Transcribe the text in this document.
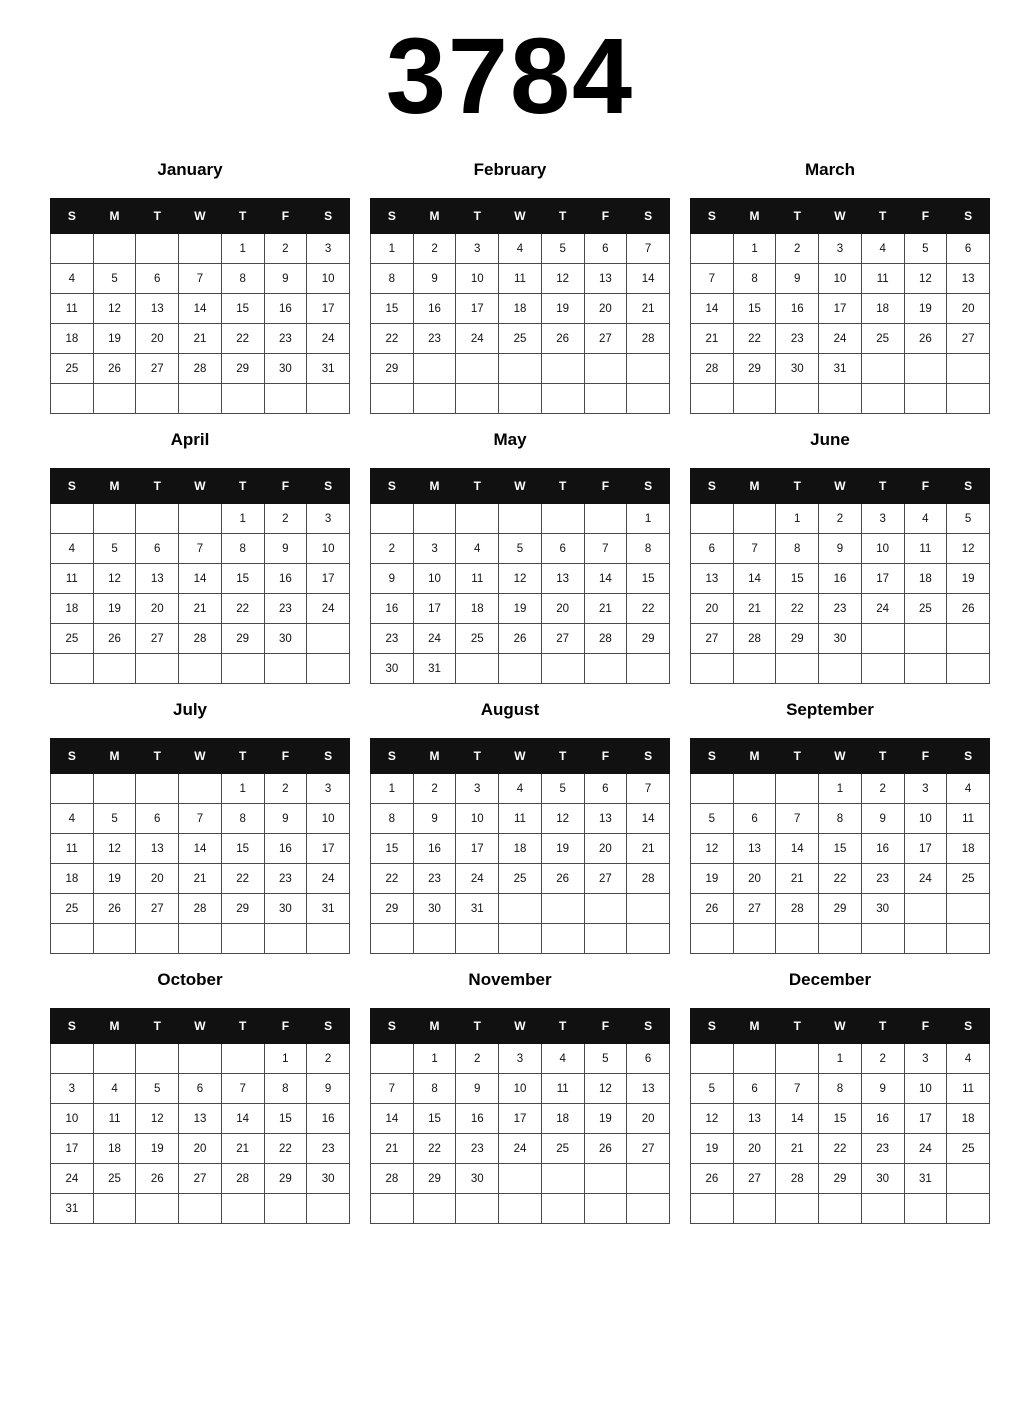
3784
January
S	M	T	W	T	F	S
				1	2	3
4	5	6	7	8	9	10
11	12	13	14	15	16	17
18	19	20	21	22	23	24
25	26	27	28	29	30	31

February
S	M	T	W	T	F	S
1	2	3	4	5	6	7
8	9	10	11	12	13	14
15	16	17	18	19	20	21
22	23	24	25	26	27	28
29						

March
S	M	T	W	T	F	S
	1	2	3	4	5	6
7	8	9	10	11	12	13
14	15	16	17	18	19	20
21	22	23	24	25	26	27
28	29	30	31			

April
S	M	T	W	T	F	S
				1	2	3
4	5	6	7	8	9	10
11	12	13	14	15	16	17
18	19	20	21	22	23	24
25	26	27	28	29	30	

May
S	M	T	W	T	F	S
						1
2	3	4	5	6	7	8
9	10	11	12	13	14	15
16	17	18	19	20	21	22
23	24	25	26	27	28	29
30	31					
June
S	M	T	W	T	F	S
		1	2	3	4	5
6	7	8	9	10	11	12
13	14	15	16	17	18	19
20	21	22	23	24	25	26
27	28	29	30			

July
S	M	T	W	T	F	S
				1	2	3
4	5	6	7	8	9	10
11	12	13	14	15	16	17
18	19	20	21	22	23	24
25	26	27	28	29	30	31

August
S	M	T	W	T	F	S
1	2	3	4	5	6	7
8	9	10	11	12	13	14
15	16	17	18	19	20	21
22	23	24	25	26	27	28
29	30	31				

September
S	M	T	W	T	F	S
			1	2	3	4
5	6	7	8	9	10	11
12	13	14	15	16	17	18
19	20	21	22	23	24	25
26	27	28	29	30		

October
S	M	T	W	T	F	S
					1	2
3	4	5	6	7	8	9
10	11	12	13	14	15	16
17	18	19	20	21	22	23
24	25	26	27	28	29	30
31						
November
S	M	T	W	T	F	S
	1	2	3	4	5	6
7	8	9	10	11	12	13
14	15	16	17	18	19	20
21	22	23	24	25	26	27
28	29	30				

December
S	M	T	W	T	F	S
			1	2	3	4
5	6	7	8	9	10	11
12	13	14	15	16	17	18
19	20	21	22	23	24	25
26	27	28	29	30	31	
